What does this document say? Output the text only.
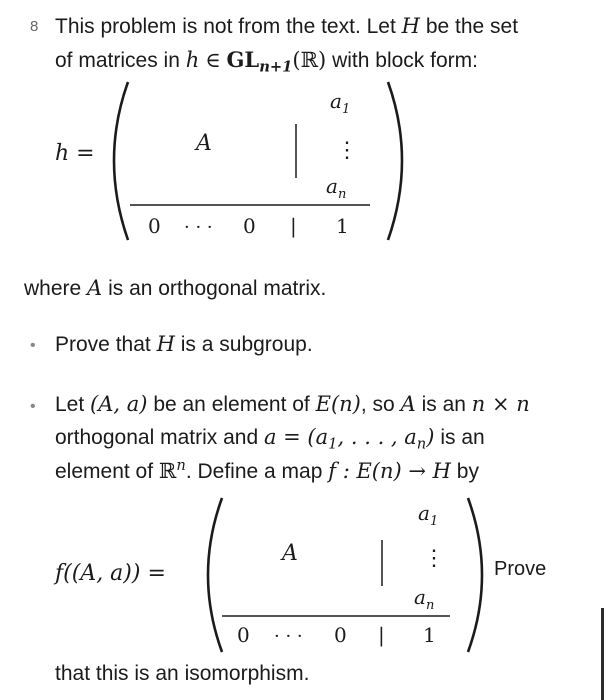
8 This problem is not from the text. Let H be the set
of matrices in h ∈ $GL_{n+1}(ℝ)$ with block form:
h =	A
$a_1$
⋮
$a_n$
0 · · · 0 | 1
where A is an orthogonal matrix.
• Prove that H is a subgroup.
• Let (A, a) be an element of E(n), so A is an n × n
orthogonal matrix and $a = (a_1$, . . . , $a_n$) is an
element of ℝ$^n$. Define a map f : E(n) → H by
f((A, a)) =
A
$a_1$
⋮
$a_n$
0 · · · 0 | 1
Prove
that this is an isomorphism.
